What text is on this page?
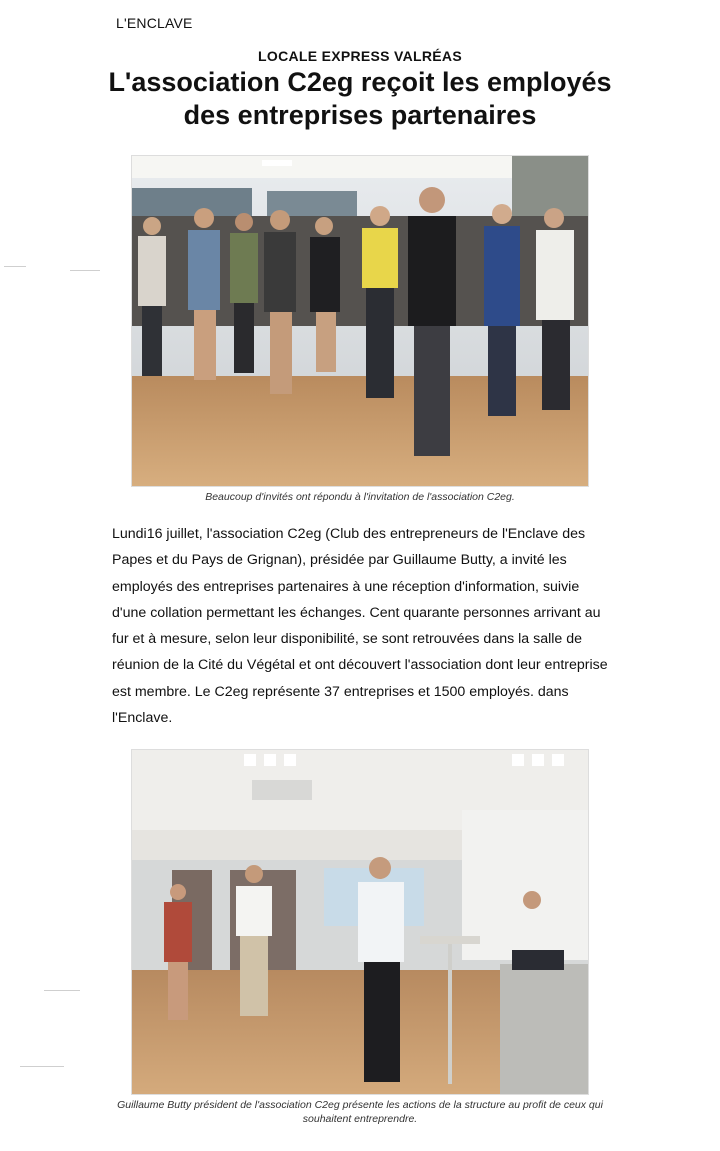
L'ENCLAVE
LOCALE EXPRESS VALRÉAS
L'association C2eg reçoit les employés des entreprises partenaires
Beaucoup d'invités ont répondu à l'invitation de l'association C2eg.
Lundi16 juillet, l'association C2eg (Club des entrepreneurs de l'Enclave des Papes et du Pays de Grignan), présidée par Guillaume Butty, a invité les employés des entreprises partenaires à une réception d'information, suivie d'une collation permettant les échanges. Cent quarante personnes arrivant au fur et à mesure, selon leur disponibilité, se sont retrouvées dans la salle de réunion de la Cité du Végétal et ont découvert l'association dont leur entreprise est membre. Le C2eg représente 37 entreprises et 1500 employés. dans l'Enclave.
Guillaume Butty président de l'association C2eg présente les actions de la structure au profit de ceux qui souhaitent entreprendre.
